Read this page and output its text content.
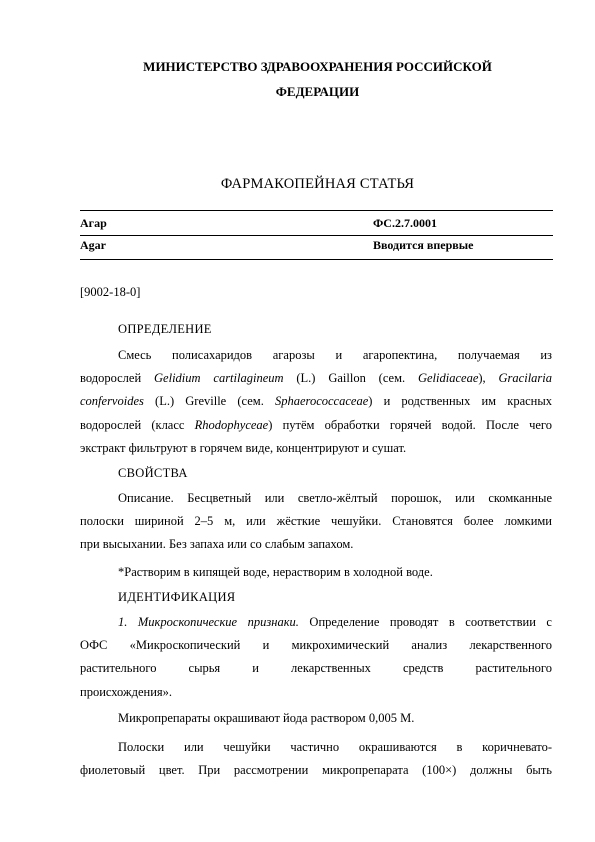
МИНИСТЕРСТВО ЗДРАВООХРАНЕНИЯ РОССИЙСКОЙ
ФЕДЕРАЦИИ
ФАРМАКОПЕЙНАЯ СТАТЬЯ
Агар	ФС.2.7.0001
Agar	Вводится впервые
[9002-18-0]
ОПРЕДЕЛЕНИЕ
Смесь полисахаридов агарозы и агаропектина, получаемая из
водорослей Gelidium cartilagineum (L.) Gaillon (сем. Gelidiaceae), Gracilaria
confervoides (L.) Greville (сем. Sphaerococcaceae) и родственных им красных
водорослей (класс Rhodophyceae) путём обработки горячей водой. После чего
экстракт фильтруют в горячем виде, концентрируют и сушат.
СВОЙСТВА
Описание. Бесцветный или светло-жёлтый порошок, или скомканные
полоски шириной 2–5 м, или жёсткие чешуйки. Становятся более ломкими
при высыхании. Без запаха или со слабым запахом.
*Растворим в кипящей воде, нерастворим в холодной воде.
ИДЕНТИФИКАЦИЯ
1. Микроскопические признаки. Определение проводят в соответствии с
ОФС «Микроскопический и микрохимический анализ лекарственного
растительного сырья и лекарственных средств растительного
происхождения».
Микропрепараты окрашивают йода раствором 0,005 М.
Полоски или чешуйки частично окрашиваются в коричневато-
фиолетовый цвет. При рассмотрении микропрепарата (100×) должны быть
